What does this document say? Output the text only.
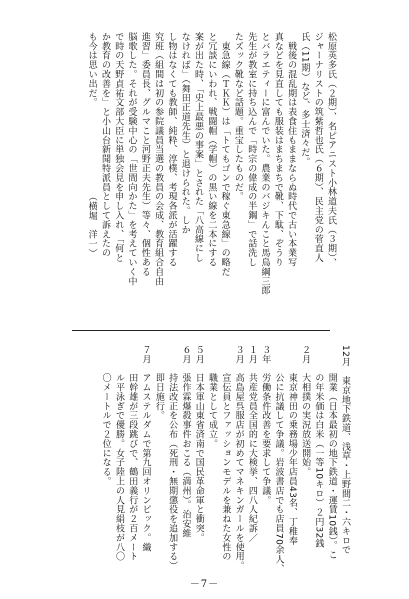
松原英多氏（２期）、名ピアニスト小林道夫氏（３期）、
ジャーナリストの筑紫哲也氏（６期）、民主党の菅直人
氏（11期）など、多士済々だ。
　戦後の混乱期は表食住もままならぬ時代で古い本業写
真などを見直しても服装はまちまちで靴、下駄、ぞうり
とバラエティーに富んでいた。農業のバジキんこと馬鳥綱三郎
先生が教室に持ち込んで「時宗の偉成の半鋼」で話洗し
たズック靴など話題。重宝したものだ。
　東急線（ＴＫＫ）は「トてもゴンで稼ぐ東急線」の略だ
と冗談にいわれ、戦闘帽（学帽）の黒い線を二本にする
案が出た時、「史上最悪の事案」とされた「八高線にし
なければ」（舞田正道先生）と退けられた。しか
し物はなくても教師、純粋、淳樸、考現各派が活躍する
究班（組間は初の参院議員当選の教員の会成、教育組合自由
進習」委員長、グルマこと河野正夫先生）等々、個性ある
脳歌した。それが受験中心の「世間向かた」を考えていく中
で時の天野貞祐文部大臣に単独会見を申し入れ、「何と
か教育の改善を」と小山台新聞特派員として訴えたの
も今は思い出だ。　　　　　　　　　　（横堀　洋一）
12月　東京地下鉄道、浅草・上野間二・六キロで
　　　開業（日本最初の地下鉄道・運賃10銭）。こ
　　　の年米価は白米（一等10キロ）２円32銭
２月　大相撲の実況放送開始。
　　　東京神田の乗務場少年店員43名、丁稚奉
　　　公に抗議して争議。岩波書店でも店員70余人、
３年　労働条件改善を要求して争議。
１月　共産党員全国的に大検挙、四八人紀訴／
３月　高島屋呉服店が初めてマネキンガールを使用。
　　　宣伝員とファッションモデルを兼ねた女性の
　　　職業として成立。
５月　日本軍山東省済南で国民革命軍と衝突。
６月　張作霖爆殺事件おこる（満州）。治安維
　　　持法改正を公布（死刑・無期懲役を追加する）
　　　即日施行。
７月　アムステルダムで第九回オリンピック。織
　　　田幹雄が三段跳びで、鶴田義行が２百メート
　　　ル平泳ぎで優勝。女子陸上の人見絹枝が八〇
　　　〇メートルで２位になる。
－7－
